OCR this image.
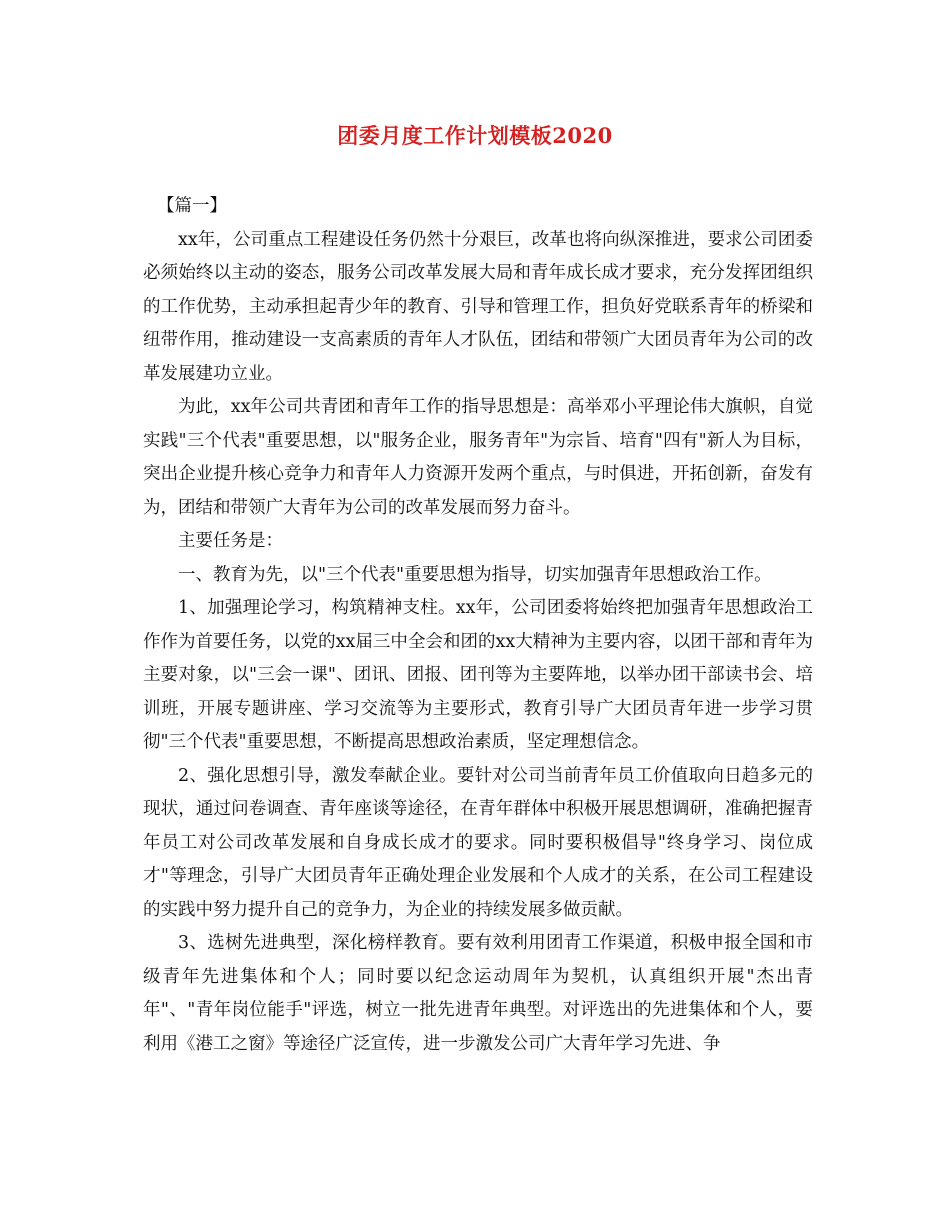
团委月度工作计划模板2020

【篇一】

xx年，公司重点工程建设任务仍然十分艰巨，改革也将向纵深推进，要求公司团委必须始终以主动的姿态，服务公司改革发展大局和青年成长成才要求，充分发挥团组织的工作优势，主动承担起青少年的教育、引导和管理工作，担负好党联系青年的桥梁和纽带作用，推动建设一支高素质的青年人才队伍，团结和带领广大团员青年为公司的改革发展建功立业。

为此，xx年公司共青团和青年工作的指导思想是：高举邓小平理论伟大旗帜，自觉实践"三个代表"重要思想，以"服务企业，服务青年"为宗旨、培育"四有"新人为目标，突出企业提升核心竞争力和青年人力资源开发两个重点，与时俱进，开拓创新，奋发有为，团结和带领广大青年为公司的改革发展而努力奋斗。

主要任务是：

一、教育为先，以"三个代表"重要思想为指导，切实加强青年思想政治工作。

1、加强理论学习，构筑精神支柱。xx年，公司团委将始终把加强青年思想政治工作作为首要任务，以党的xx届三中全会和团的xx大精神为主要内容，以团干部和青年为主要对象，以"三会一课"、团讯、团报、团刊等为主要阵地，以举办团干部读书会、培训班，开展专题讲座、学习交流等为主要形式，教育引导广大团员青年进一步学习贯彻"三个代表"重要思想，不断提高思想政治素质，坚定理想信念。

2、强化思想引导，激发奉献企业。要针对公司当前青年员工价值取向日趋多元的现状，通过问卷调查、青年座谈等途径，在青年群体中积极开展思想调研，准确把握青年员工对公司改革发展和自身成长成才的要求。同时要积极倡导"终身学习、岗位成才"等理念，引导广大团员青年正确处理企业发展和个人成才的关系，在公司工程建设的实践中努力提升自己的竞争力，为企业的持续发展多做贡献。

3、选树先进典型，深化榜样教育。要有效利用团青工作渠道，积极申报全国和市级青年先进集体和个人；同时要以纪念运动周年为契机，认真组织开展"杰出青年"、"青年岗位能手"评选，树立一批先进青年典型。对评选出的先进集体和个人，要利用《港工之窗》等途径广泛宣传，进一步激发公司广大青年学习先进、争
